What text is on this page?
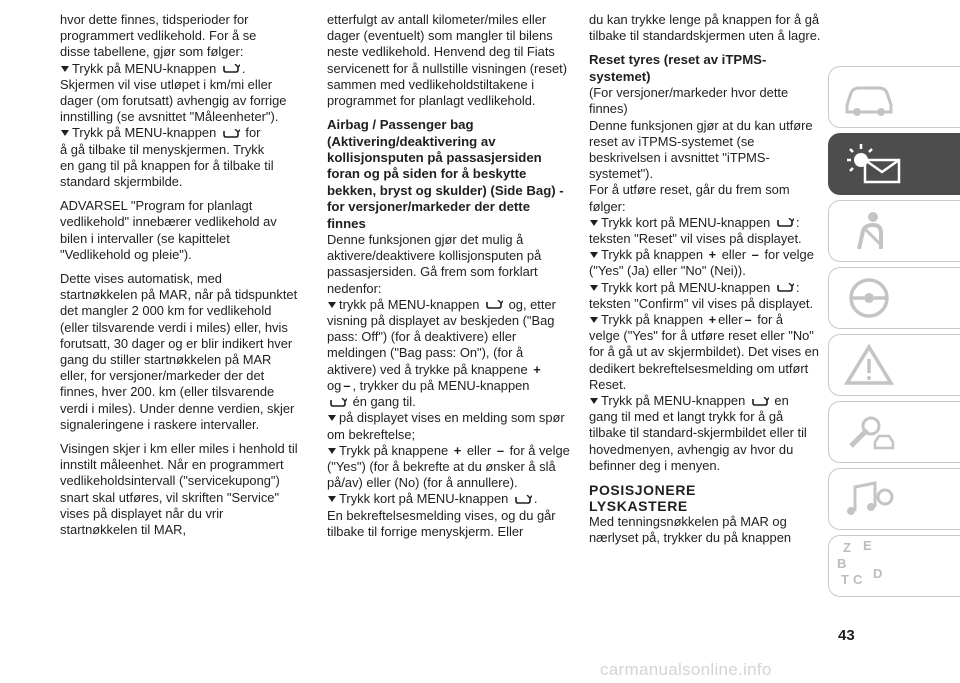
hvor dette finnes, tidsperioder for
programmert vedlikehold. For å se
disse tabellene, gjør som følger:

Trykk på MENU-knappen .
Skjermen vil vise utløpet i km/mi eller
dager (om forutsatt) avhengig av forrige
innstilling (se avsnittet "Måleenheter").

Trykk på MENU-knappen for
å gå tilbake til menyskjermen. Trykk
en gang til på knappen for å tilbake til
standard skjermbilde.

ADVARSEL "Program for planlagt vedlikehold" innebærer vedlikehold av bilen i intervaller (se kapittelet "Vedlikehold og pleie").

Dette vises automatisk, med startnøkkelen på MAR, når på tidspunktet det mangler 2 000 km for vedlikehold (eller tilsvarende verdi i miles) eller, hvis forutsatt, 30 dager og er blir indikert hver gang du stiller startnøkkelen på MAR eller, for versjoner/markeder der det finnes, hver 200. km (eller tilsvarende verdi i miles). Under denne verdien, skjer signaleringene i raskere intervaller.

Visingen skjer i km eller miles i henhold til innstilt måleenhet. Når en programmert vedlikeholdsintervall ("servicekupong") snart skal utføres, vil skriften "Service" vises på displayet når du vrir startnøkkelen til MAR,

etterfulgt av antall kilometer/miles eller dager (eventuelt) som mangler til bilens neste vedlikehold. Henvend deg til Fiats servicenett for å nullstille visningen (reset) sammen med vedlikeholdstiltakene i programmet for planlagt vedlikehold.

Airbag / Passenger bag (Aktivering/deaktivering av kollisjonsputen på passasjersiden foran og på siden for å beskytte bekken, bryst og skulder) (Side Bag) - for versjoner/markeder der dette finnes

Denne funksjonen gjør det mulig å aktivere/deaktivere kollisjonsputen på passasjersiden. Gå frem som forklart nedenfor:

trykk på MENU-knappen og, etter visning på displayet av beskjeden ("Bag pass: Off") (for å deaktivere) eller meldingen ("Bag pass: On"), (for å aktivere) ved å trykke på knappene +
og – , trykker du på MENU-knappen
én gang til.
på displayet vises en melding som spør om bekreftelse;
Trykk på knappene + eller – for å velge ("Yes") (for å bekrefte at du ønsker å slå på/av) eller (No) (for å annullere).
Trykk kort på MENU-knappen .
En bekreftelsesmelding vises, og du går tilbake til forrige menyskjerm. Eller

du kan trykke lenge på knappen for å gå tilbake til standardskjermen uten å lagre.

Reset tyres (reset av iTPMS-systemet)

(For versjoner/markeder hvor dette finnes)

Denne funksjonen gjør at du kan utføre reset av iTPMS-systemet (se beskrivelsen i avsnittet "iTPMS-systemet").

For å utføre reset, går du frem som følger:

Trykk kort på MENU-knappen :
teksten "Reset" vil vises på displayet.
Trykk på knappen + eller – for velge
("Yes" (Ja) eller "No" (Nei)).
Trykk kort på MENU-knappen :
teksten "Confirm" vil vises på displayet.
Trykk på knappen + eller – for å
velge ("Yes" for å utføre reset eller "No" for å gå ut av skjermbildet). Det vises en dedikert bekreftelsesmelding om utført Reset.
Trykk på MENU-knappen en
gang til med et langt trykk for å gå tilbake til standard-skjermbildet eller til hovedmenyen, avhengig av hvor du befinner deg i menyen.
POSISJONERE
LYSKASTERE

Med tenningsnøkkelen på MAR og nærlyset på, trykker du på knappen

Z E
B
C D
T
43
carmanualsonline.info
